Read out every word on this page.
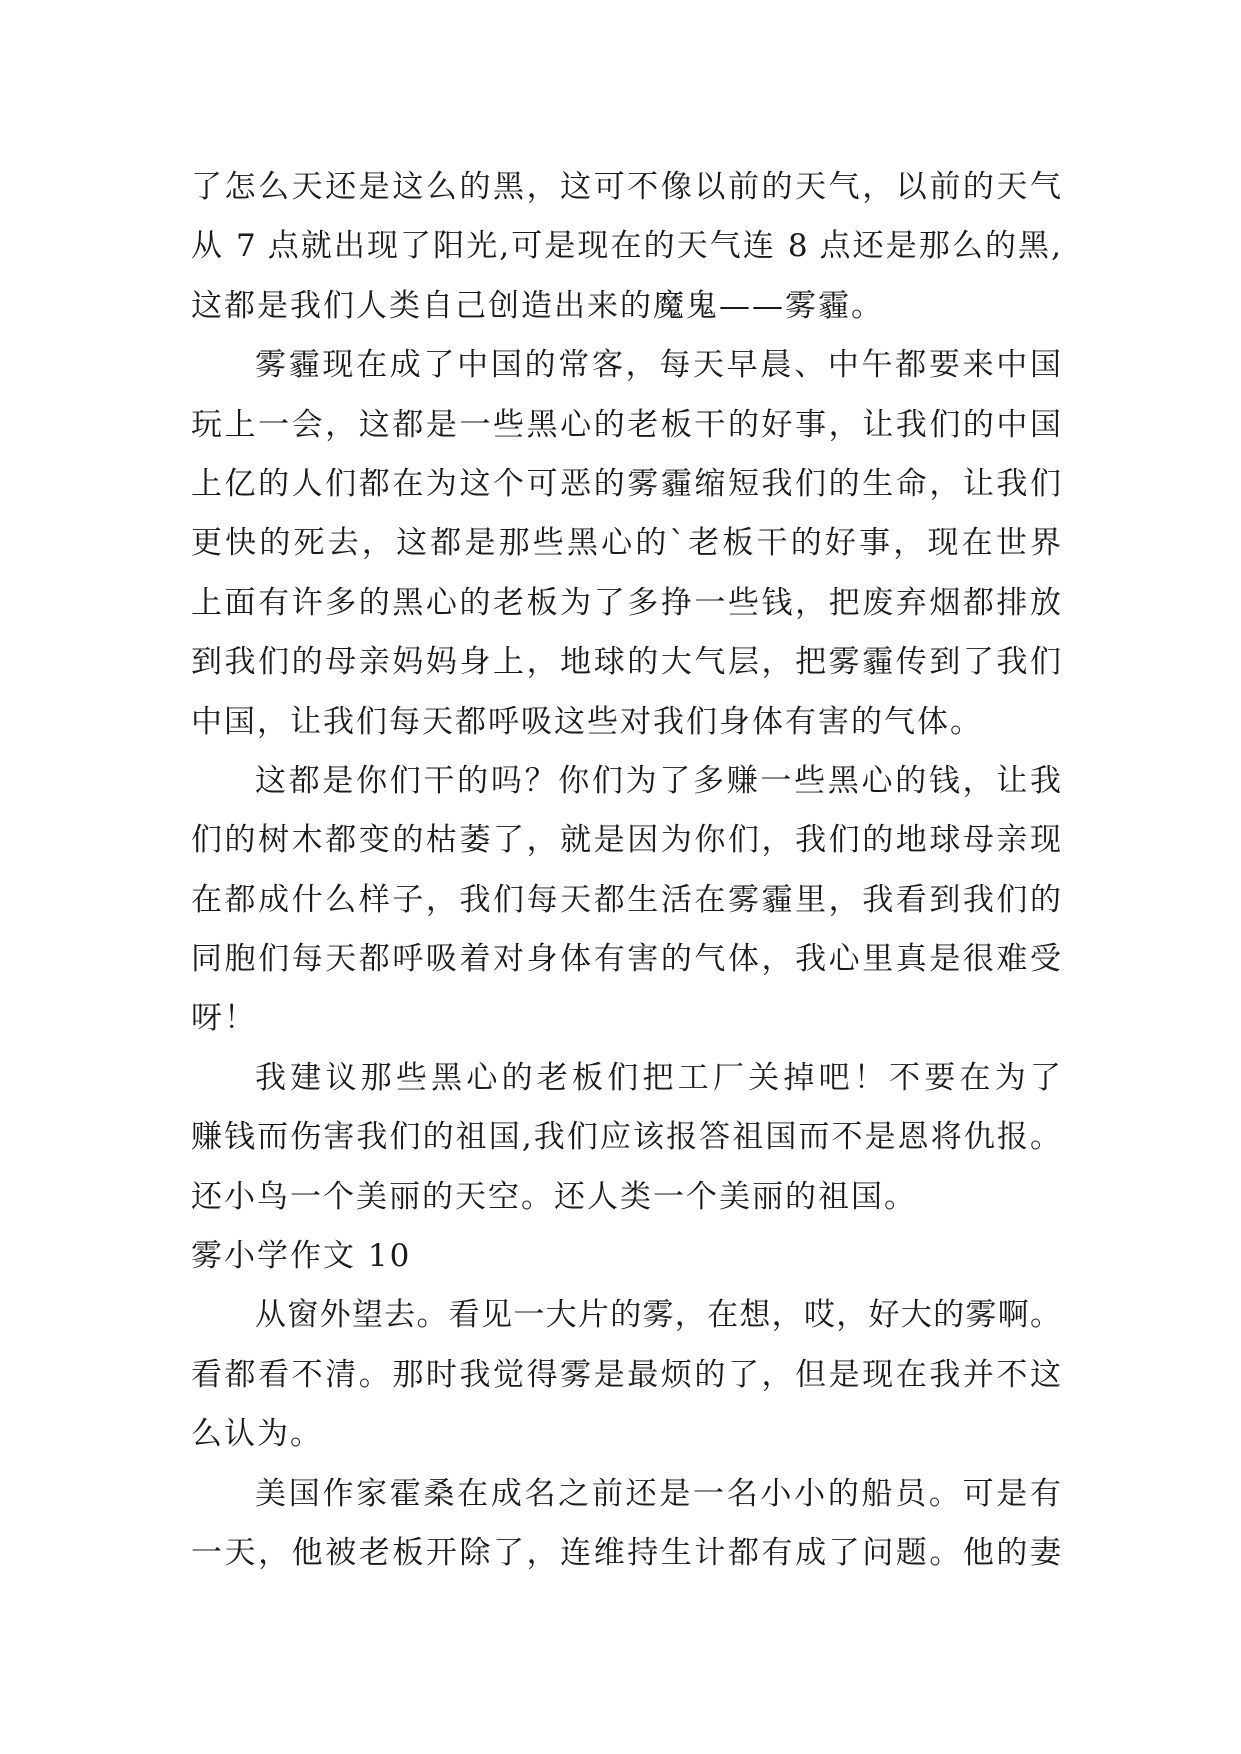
了怎么天还是这么的黑，这可不像以前的天气，以前的天气
从 7 点就出现了阳光,可是现在的天气连 8 点还是那么的黑,
这都是我们人类自己创造出来的魔鬼——雾霾。
雾霾现在成了中国的常客，每天早晨、中午都要来中国
玩上一会，这都是一些黑心的老板干的好事，让我们的中国
上亿的人们都在为这个可恶的雾霾缩短我们的生命，让我们
更快的死去，这都是那些黑心的`老板干的好事，现在世界
上面有许多的黑心的老板为了多挣一些钱，把废弃烟都排放
到我们的母亲妈妈身上，地球的大气层，把雾霾传到了我们
中国，让我们每天都呼吸这些对我们身体有害的气体。
这都是你们干的吗？你们为了多赚一些黑心的钱，让我
们的树木都变的枯萎了，就是因为你们，我们的地球母亲现
在都成什么样子，我们每天都生活在雾霾里，我看到我们的
同胞们每天都呼吸着对身体有害的气体，我心里真是很难受
呀！
我建议那些黑心的老板们把工厂关掉吧！不要在为了
赚钱而伤害我们的祖国,我们应该报答祖国而不是恩将仇报。
还小鸟一个美丽的天空。还人类一个美丽的祖国。
雾小学作文 10
从窗外望去。看见一大片的雾，在想，哎，好大的雾啊。
看都看不清。那时我觉得雾是最烦的了，但是现在我并不这
么认为。
美国作家霍桑在成名之前还是一名小小的船员。可是有
一天，他被老板开除了，连维持生计都有成了问题。他的妻
